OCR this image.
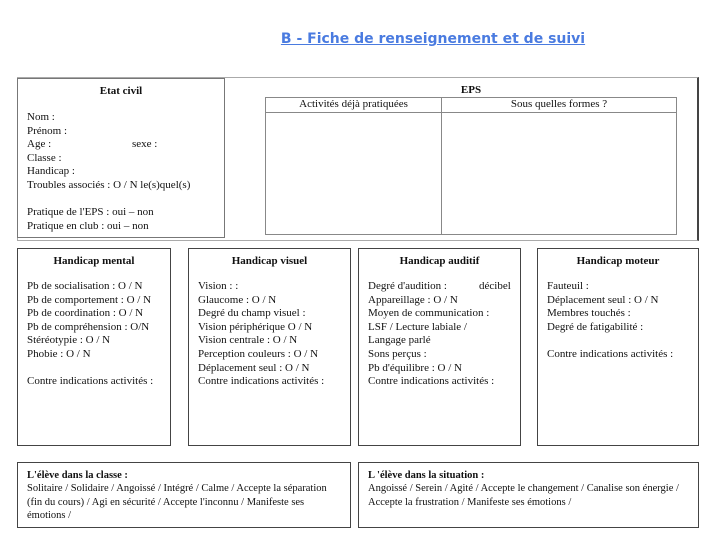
B - Fiche de renseignement et de suivi
Etat civil
Nom :
Prénom :
Age :	sexe :
Classe :
Handicap :
Troubles associés : O / N le(s)quel(s)
Pratique de l'EPS : oui – non
Pratique en club : oui – non
EPS
Activités déjà pratiquées	Sous quelles formes ?
Handicap mental
Pb de socialisation : O / N
Pb de comportement : O / N
Pb de coordination : O / N
Pb de compréhension : O/N
Stéréotypie : O / N
Phobie : O / N
Contre indications activités :
Handicap visuel
Vision : :
Glaucome : O / N
Degré du champ visuel :
Vision périphérique O / N
Vision centrale : O / N
Perception couleurs : O / N
Déplacement seul : O / N
Contre indications activités :
Handicap auditif
Degré d'audition :	décibel
Appareillage : O / N
Moyen de communication :
LSF / Lecture labiale /
Langage parlé
Sons perçus :
Pb d'équilibre : O / N
Contre indications activités :
Handicap moteur
Fauteuil :
Déplacement seul : O / N
Membres touchés :
Degré de fatigabilité :
Contre indications activités :
L'élève dans la classe :
Solitaire / Solidaire / Angoissé / Intégré / Calme / Accepte la séparation (fin du cours) / Agi en sécurité / Accepte l'inconnu / Manifeste ses émotions /
L 'élève dans la situation :
Angoissé / Serein / Agité / Accepte le changement / Canalise son énergie / Accepte la frustration / Manifeste ses émotions /
